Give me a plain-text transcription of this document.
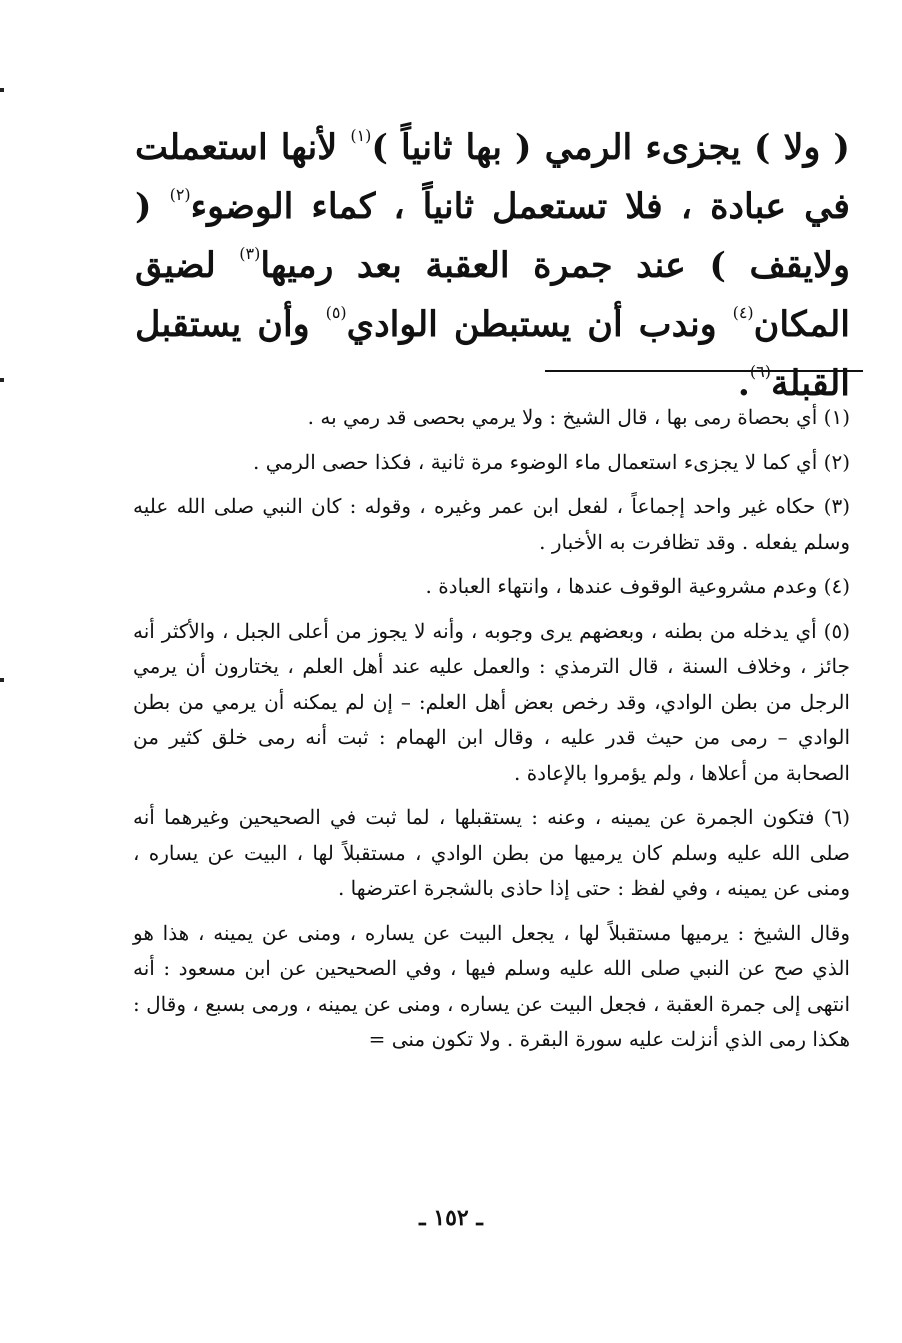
( ولا ) يجزىء الرمي ( بها ثانياً )$^{(١)}$ لأنها استعملت في عبادة ، فلا تستعمل ثانياً ، كماء الوضوء$^{(٢)}$ ( ولايقف ) عند جمرة العقبة بعد رميها$^{(٣)}$ لضيق المكان$^{(٤)}$ وندب أن يستبطن الوادي$^{(٥)}$ وأن يستقبل القبلة$^{(٦)}$.

(١) أي بحصاة رمى بها ، قال الشيخ : ولا يرمي بحصى قد رمي به .

(٢) أي كما لا يجزىء استعمال ماء الوضوء مرة ثانية ، فكذا حصى الرمي .

(٣) حكاه غير واحد إجماعاً ، لفعل ابن عمر وغيره ، وقوله : كان النبي صلى الله عليه وسلم يفعله . وقد تظافرت به الأخبار .

(٤) وعدم مشروعية الوقوف عندها ، وانتهاء العبادة .

(٥) أي يدخله من بطنه ، وبعضهم يرى وجوبه ، وأنه لا يجوز من أعلى الجبل ، والأكثر أنه جائز ، وخلاف السنة ، قال الترمذي : والعمل عليه عند أهل العلم ، يختارون أن يرمي الرجل من بطن الوادي، وقد رخص بعض أهل العلم: – إن لم يمكنه أن يرمي من بطن الوادي – رمى من حيث قدر عليه ، وقال ابن الهمام : ثبت أنه رمى خلق كثير من الصحابة من أعلاها ، ولم يؤمروا بالإعادة .

(٦) فتكون الجمرة عن يمينه ، وعنه : يستقبلها ، لما ثبت في الصحيحين وغيرهما أنه صلى الله عليه وسلم كان يرميها من بطن الوادي ، مستقبلاً لها ، البيت عن يساره ، ومنى عن يمينه ، وفي لفظ : حتى إذا حاذى بالشجرة اعترضها .

وقال الشيخ : يرميها مستقبلاً لها ، يجعل البيت عن يساره ، ومنى عن يمينه ، هذا هو الذي صح عن النبي صلى الله عليه وسلم فيها ، وفي الصحيحين عن ابن مسعود : أنه انتهى إلى جمرة العقبة ، فجعل البيت عن يساره ، ومنى عن يمينه ، ورمى بسبع ، وقال : هكذا رمى الذي أنزلت عليه سورة البقرة . ولا تكون منى =

ـ ١٥٢ ـ
